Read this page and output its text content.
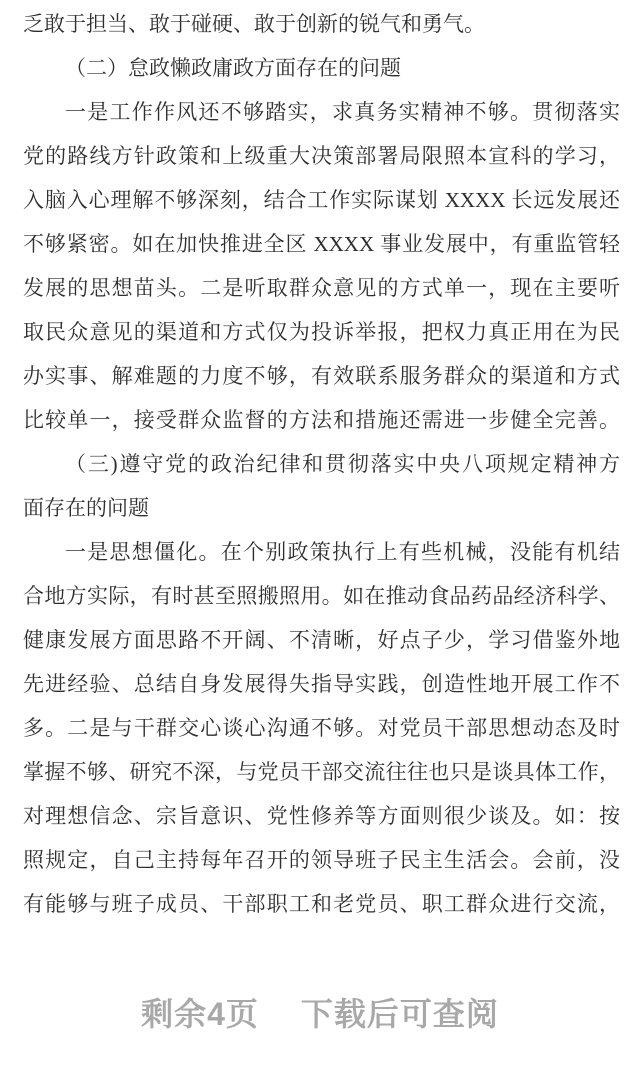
乏敢于担当、敢于碰硬、敢于创新的锐气和勇气。
（二）怠政懒政庸政方面存在的问题
一是工作作风还不够踏实，求真务实精神不够。贯彻落实
党的路线方针政策和上级重大决策部署局限照本宣科的学习，
入脑入心理解不够深刻，结合工作实际谋划 XXXX 长远发展还
不够紧密。如在加快推进全区 XXXX 事业发展中，有重监管轻
发展的思想苗头。二是听取群众意见的方式单一，现在主要听
取民众意见的渠道和方式仅为投诉举报，把权力真正用在为民
办实事、解难题的力度不够，有效联系服务群众的渠道和方式
比较单一，接受群众监督的方法和措施还需进一步健全完善。
（三)遵守党的政治纪律和贯彻落实中央八项规定精神方
面存在的问题
一是思想僵化。在个别政策执行上有些机械，没能有机结
合地方实际，有时甚至照搬照用。如在推动食品药品经济科学、
健康发展方面思路不开阔、不清晰，好点子少，学习借鉴外地
先进经验、总结自身发展得失指导实践，创造性地开展工作不
多。二是与干群交心谈心沟通不够。对党员干部思想动态及时
掌握不够、研究不深，与党员干部交流往往也只是谈具体工作，
对理想信念、宗旨意识、党性修养等方面则很少谈及。如：按
照规定，自己主持每年召开的领导班子民主生活会。会前，没
有能够与班子成员、干部职工和老党员、职工群众进行交流，
剩余4页 下载后可查阅
